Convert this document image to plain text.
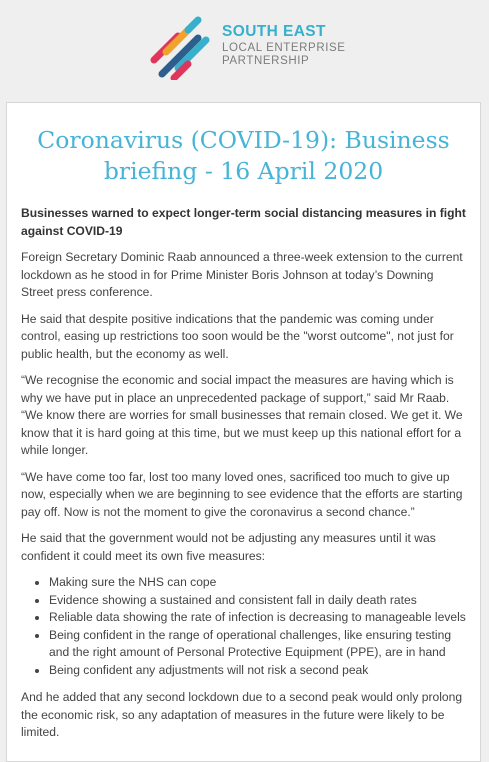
SOUTH EAST
LOCAL ENTERPRISE
PARTNERSHIP
Coronavirus (COVID-19): Business briefing - 16 April 2020

Businesses warned to expect longer-term social distancing measures in fight against COVID-19

Foreign Secretary Dominic Raab announced a three-week extension to the current lockdown as he stood in for Prime Minister Boris Johnson at today’s Downing Street press conference.

He said that despite positive indications that the pandemic was coming under control, easing up restrictions too soon would be the "worst outcome", not just for public health, but the economy as well.

“We recognise the economic and social impact the measures are having which is why we have put in place an unprecedented package of support,” said Mr Raab. “We know there are worries for small businesses that remain closed. We get it. We know that it is hard going at this time, but we must keep up this national effort for a while longer.

“We have come too far, lost too many loved ones, sacrificed too much to give up now, especially when we are beginning to see evidence that the efforts are starting pay off. Now is not the moment to give the coronavirus a second chance.”

He said that the government would not be adjusting any measures until it was confident it could meet its own five measures:

• Making sure the NHS can cope
• Evidence showing a sustained and consistent fall in daily death rates
• Reliable data showing the rate of infection is decreasing to manageable levels
• Being confident in the range of operational challenges, like ensuring testing and the right amount of Personal Protective Equipment (PPE), are in hand
• Being confident any adjustments will not risk a second peak

And he added that any second lockdown due to a second peak would only prolong the economic risk, so any adaptation of measures in the future were likely to be limited.
